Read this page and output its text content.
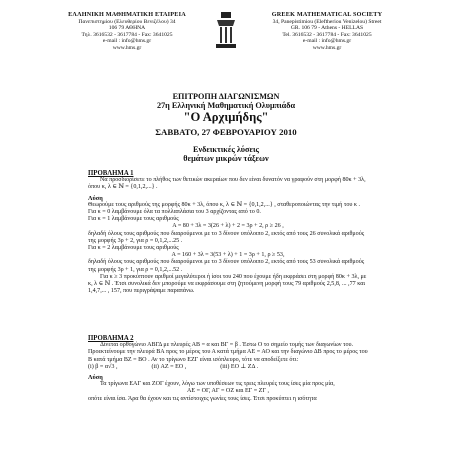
ΕΛΛΗΝΙΚΗ ΜΑΘΗΜΑΤΙΚΗ ΕΤΑΙΡΕΙΑ
Πανεπιστημίου (Ελευθερίου Βενιζέλου) 34
106 79 ΑΘΗΝΑ
Τηλ. 3616532 - 3617784 - Fax: 3641025
e-mail : info@hms.gr
www.hms.gr
GREEK MATHEMATICAL SOCIETY
34, Panepistimiou (Εleftheriou Venizelou) Street
GR. 106 79 - Athens - HELLAS
Tel. 3616532 - 3617784 - Fax: 3641025
e-mail : info@hms.gr
www.hms.gr
ΕΠΙΤΡΟΠΗ ΔΙΑΓΩΝΙΣΜΩΝ
27η Ελληνική Μαθηματική Ολυμπιάδα
"Ο Αρχιμήδης"
ΣΑΒΒΑΤΟ, 27 ΦΕΒΡΟΥΑΡΙΟΥ 2010
Ενδεικτικές λύσεις
θεμάτων μικρών τάξεων

ΠΡΟΒΛΗΜΑ 1

Να προσδιορίσετε το πλήθος των θετικών ακεραίων που δεν είναι δυνατόν να γραφούν στη μορφή 80κ + 3λ, όπου κ, λ ∈ ℕ = {0,1,2,...} .

Λύση

Θεωρούμε τους αριθμούς της μορφής 80κ + 3λ, όπου κ, λ ∈ ℕ = {0,1,2,...} , σταθεροποιώντας την τιμή του κ .

Για κ = 0 λαμβάνουμε όλα τα πολλαπλάσια του 3 αρχίζοντας από το 0.

Για κ = 1 λαμβάνουμε τους αριθμούς

A = 80 + 3λ = 3(26 + λ) + 2 = 3ρ + 2, ρ ≥ 26 ,

δηλαδή όλους τους αριθμούς που διαιρούμενοι με το 3 δίνουν υπόλοιπο 2, εκτός από τους 26 συνολικά αριθμούς της μορφής 3ρ + 2, για ρ = 0,1,2,...25 .

Για κ = 2 λαμβάνουμε τους αριθμούς

A = 160 + 3λ = 3(53 + λ) + 1 = 3ρ + 1, ρ ≥ 53,

δηλαδή όλους τους αριθμούς που διαιρούμενοι με το 3 δίνουν υπόλοιπο 2, εκτός από τους 53 συνολικά αριθμούς της μορφής 3ρ + 1, για ρ = 0,1,2,...52 .

Για κ ≥ 3 προκύπτουν αριθμοί μεγαλύτεροι ή ίσοι του 240 που έχουμε ήδη εκφράσει στη μορφή 80κ + 3λ, με κ, λ ∈ ℕ . Έτσι συνολικά δεν μπορούμε να εκφράσουμε στη ζητούμενη μορφή τους 79 αριθμούς 2,5,8, ... ,77 και 1,4,7,... , 157, που περιγράψαμε παραπάνω.

ΠΡΟΒΛΗΜΑ 2

Δίνεται ορθογώνιο ΑΒΓΔ με πλευρές ΑΒ = α και ΒΓ = β . Έστω Ο το σημείο τομής των διαγωνίων του. Προεκτείνουμε την πλευρά ΒΑ προς το μέρος του Α κατά τμήμα ΑΕ = ΑΟ και την διαγώνιο ΔΒ προς το μέρος του Β κατά τμήμα ΒΖ = ΒΟ . Αν το τρίγωνο ΕΖΓ είναι ισόπλευρο, τότε να αποδείξετε ότι:

(i) β = α√3 ,	(ii) ΑΖ = ΕΟ ,	(iii) ΕΟ ⊥ ΖΔ .

Λύση

Τα τρίγωνα ΕΑΓ και ΖΟΓ έχουν, λόγω των υποθέσεων τις τρεις πλευρές τους ίσες μία προς μία,

ΑΕ = ΟΓ, ΑΓ = ΟΖ και ΕΓ = ΖΓ ,

οπότε είναι ίσα. Άρα θα έχουν και τις αντίστοιχες γωνίες τους ίσες. Έτσι προκύπτει η ισότητα
